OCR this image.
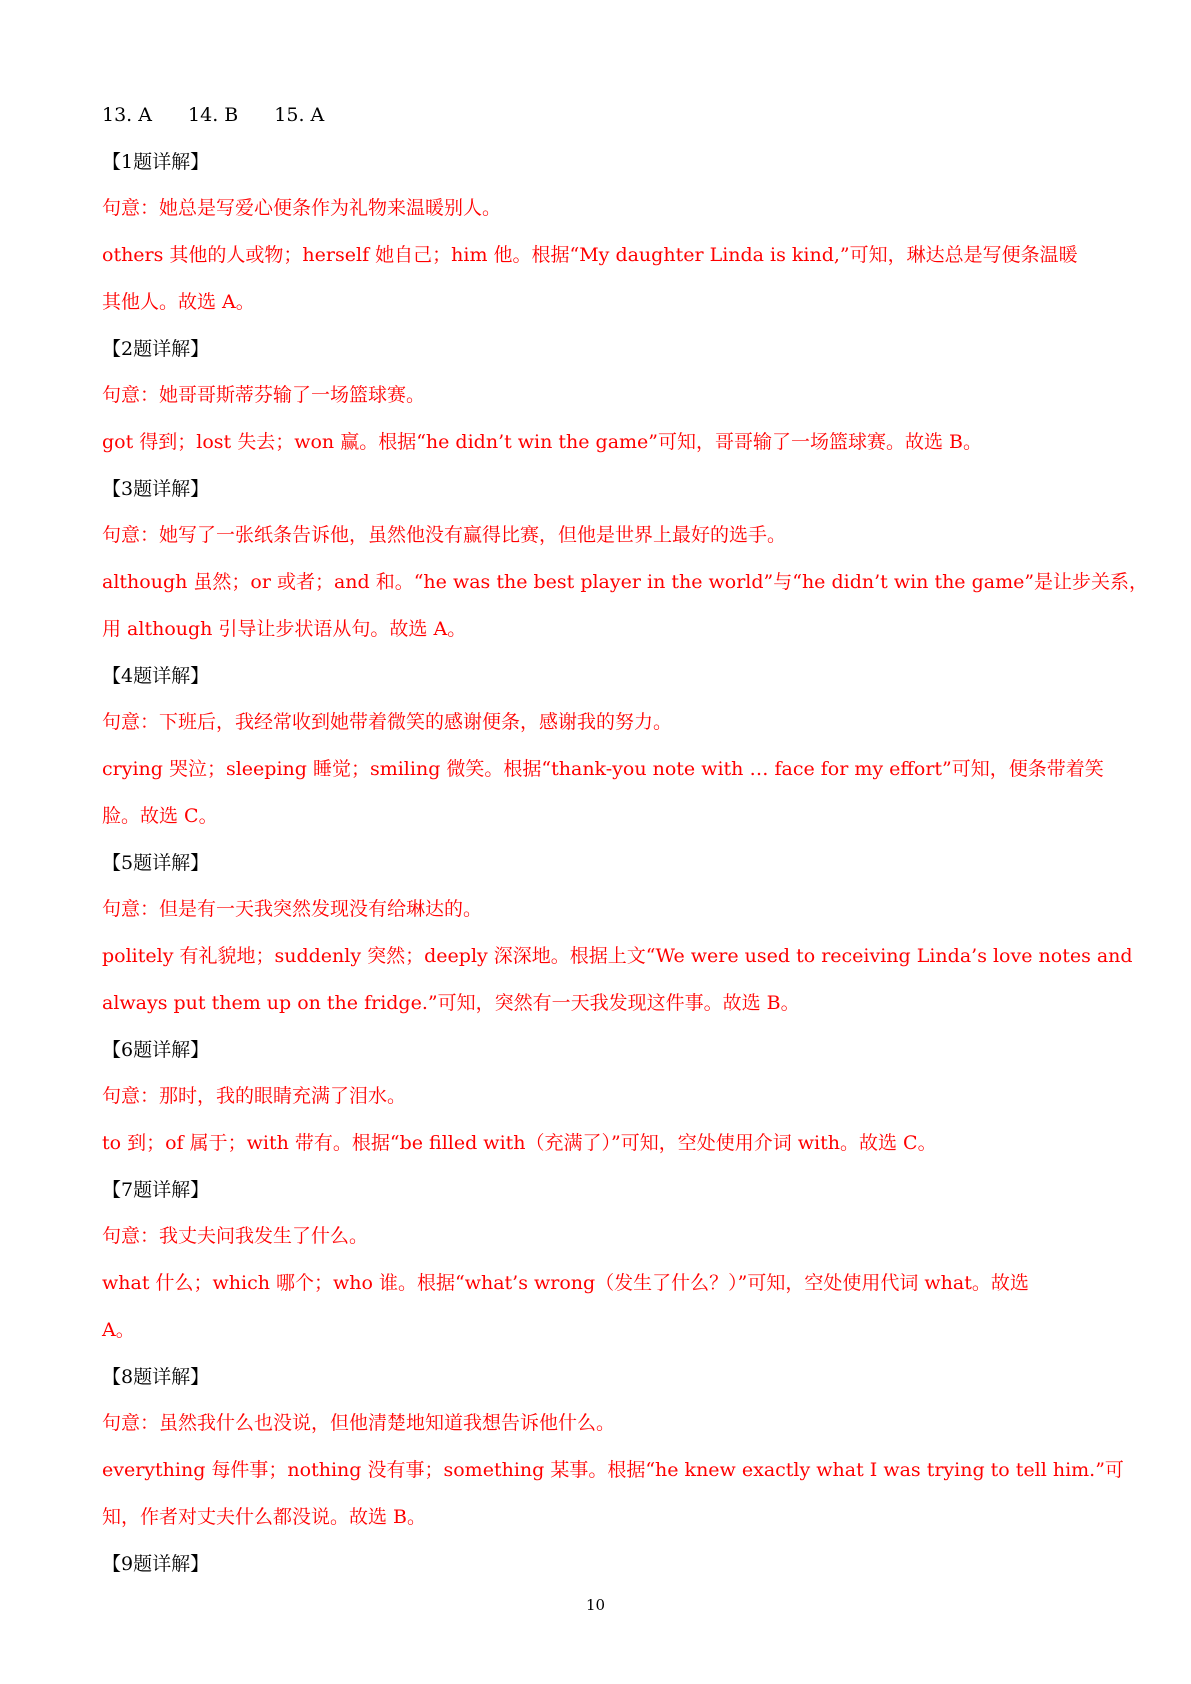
13. A 14. B 15. A
【1题详解】
句意：她总是写爱心便条作为礼物来温暖别人。
others 其他的人或物；herself 她自己；him 他。根据“My daughter Linda is kind,”可知，琳达总是写便条温暖
其他人。故选 A。
【2题详解】
句意：她哥哥斯蒂芬输了一场篮球赛。
got 得到；lost 失去；won 赢。根据“he didn’t win the game”可知，哥哥输了一场篮球赛。故选 B。
【3题详解】
句意：她写了一张纸条告诉他，虽然他没有赢得比赛，但他是世界上最好的选手。
although 虽然；or 或者；and 和。“he was the best player in the world”与“he didn’t win the game”是让步关系，
用 although 引导让步状语从句。故选 A。
【4题详解】
句意：下班后，我经常收到她带着微笑的感谢便条，感谢我的努力。
crying 哭泣；sleeping 睡觉；smiling 微笑。根据“thank-you note with … face for my effort”可知，便条带着笑
脸。故选 C。
【5题详解】
句意：但是有一天我突然发现没有给琳达的。
politely 有礼貌地；suddenly 突然；deeply 深深地。根据上文“We were used to receiving Linda’s love notes and
always put them up on the fridge.”可知，突然有一天我发现这件事。故选 B。
【6题详解】
句意：那时，我的眼睛充满了泪水。
to 到；of 属于；with 带有。根据“be filled with（充满了）”可知，空处使用介词 with。故选 C。
【7题详解】
句意：我丈夫问我发生了什么。
what 什么；which 哪个；who 谁。根据“what’s wrong（发生了什么？）”可知，空处使用代词 what。故选
A。
【8题详解】
句意：虽然我什么也没说，但他清楚地知道我想告诉他什么。
everything 每件事；nothing 没有事；something 某事。根据“he knew exactly what I was trying to tell him.”可
知，作者对丈夫什么都没说。故选 B。
【9题详解】
10
